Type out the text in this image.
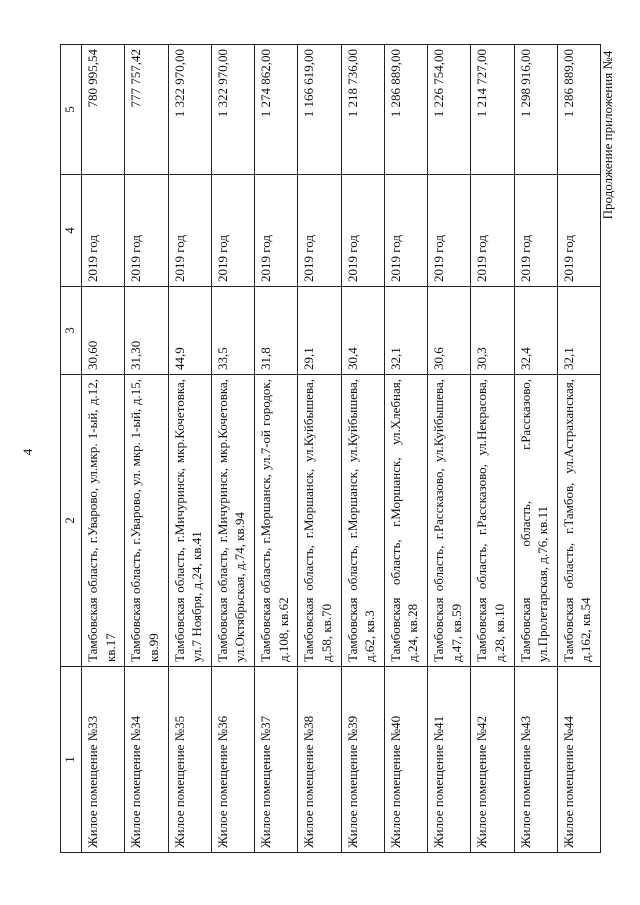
4
Продолжение приложения №4
1	2	3	4	5
Жилое помещение №33	Тамбовская область, г.Уварово, ул.мкр. 1-ый, д.12, кв.17	30,60	2019 год	780 995,54
Жилое помещение №34	Тамбовская область, г.Уварово, ул. мкр. 1-ый, д.15, кв.99	31,30	2019 год	777 757,42
Жилое помещение №35	Тамбовская область, г.Мичуринск, мкр.Кочетовка, ул.7 Ноября, д.24, кв.41	44,9	2019 год	1 322 970,00
Жилое помещение №36	Тамбовская область, г.Мичуринск, мкр.Кочетовка, ул.Октябрьская, д.74, кв.94	33,5	2019 год	1 322 970,00
Жилое помещение №37	Тамбовская область, г.Моршанск, ул.7-ой городок, д.108, кв.62	31,8	2019 год	1 274 862,00
Жилое помещение №38	Тамбовская область, г.Моршанск, ул.Куйбышева, д.58, кв.70	29,1	2019 год	1 166 619,00
Жилое помещение №39	Тамбовская область, г.Моршанск, ул.Куйбышева, д.62, кв.3	30,4	2019 год	1 218 736,00
Жилое помещение №40	Тамбовская область, г.Моршанск, ул.Хлебная, д.24, кв.28	32,1	2019 год	1 286 889,00
Жилое помещение №41	Тамбовская область, г.Рассказово, ул.Куйбышева, д.47, кв.59	30,6	2019 год	1 226 754,00
Жилое помещение №42	Тамбовская область, г.Рассказово, ул.Некрасова, д.28, кв.10	30,3	2019 год	1 214 727,00
Жилое помещение №43	Тамбовская область, г.Рассказово, ул.Пролетарская, д.76, кв.11	32,4	2019 год	1 298 916,00
Жилое помещение №44	Тамбовская область, г.Тамбов, ул.Астраханская, д.162, кв.54	32,1	2019 год	1 286 889,00
